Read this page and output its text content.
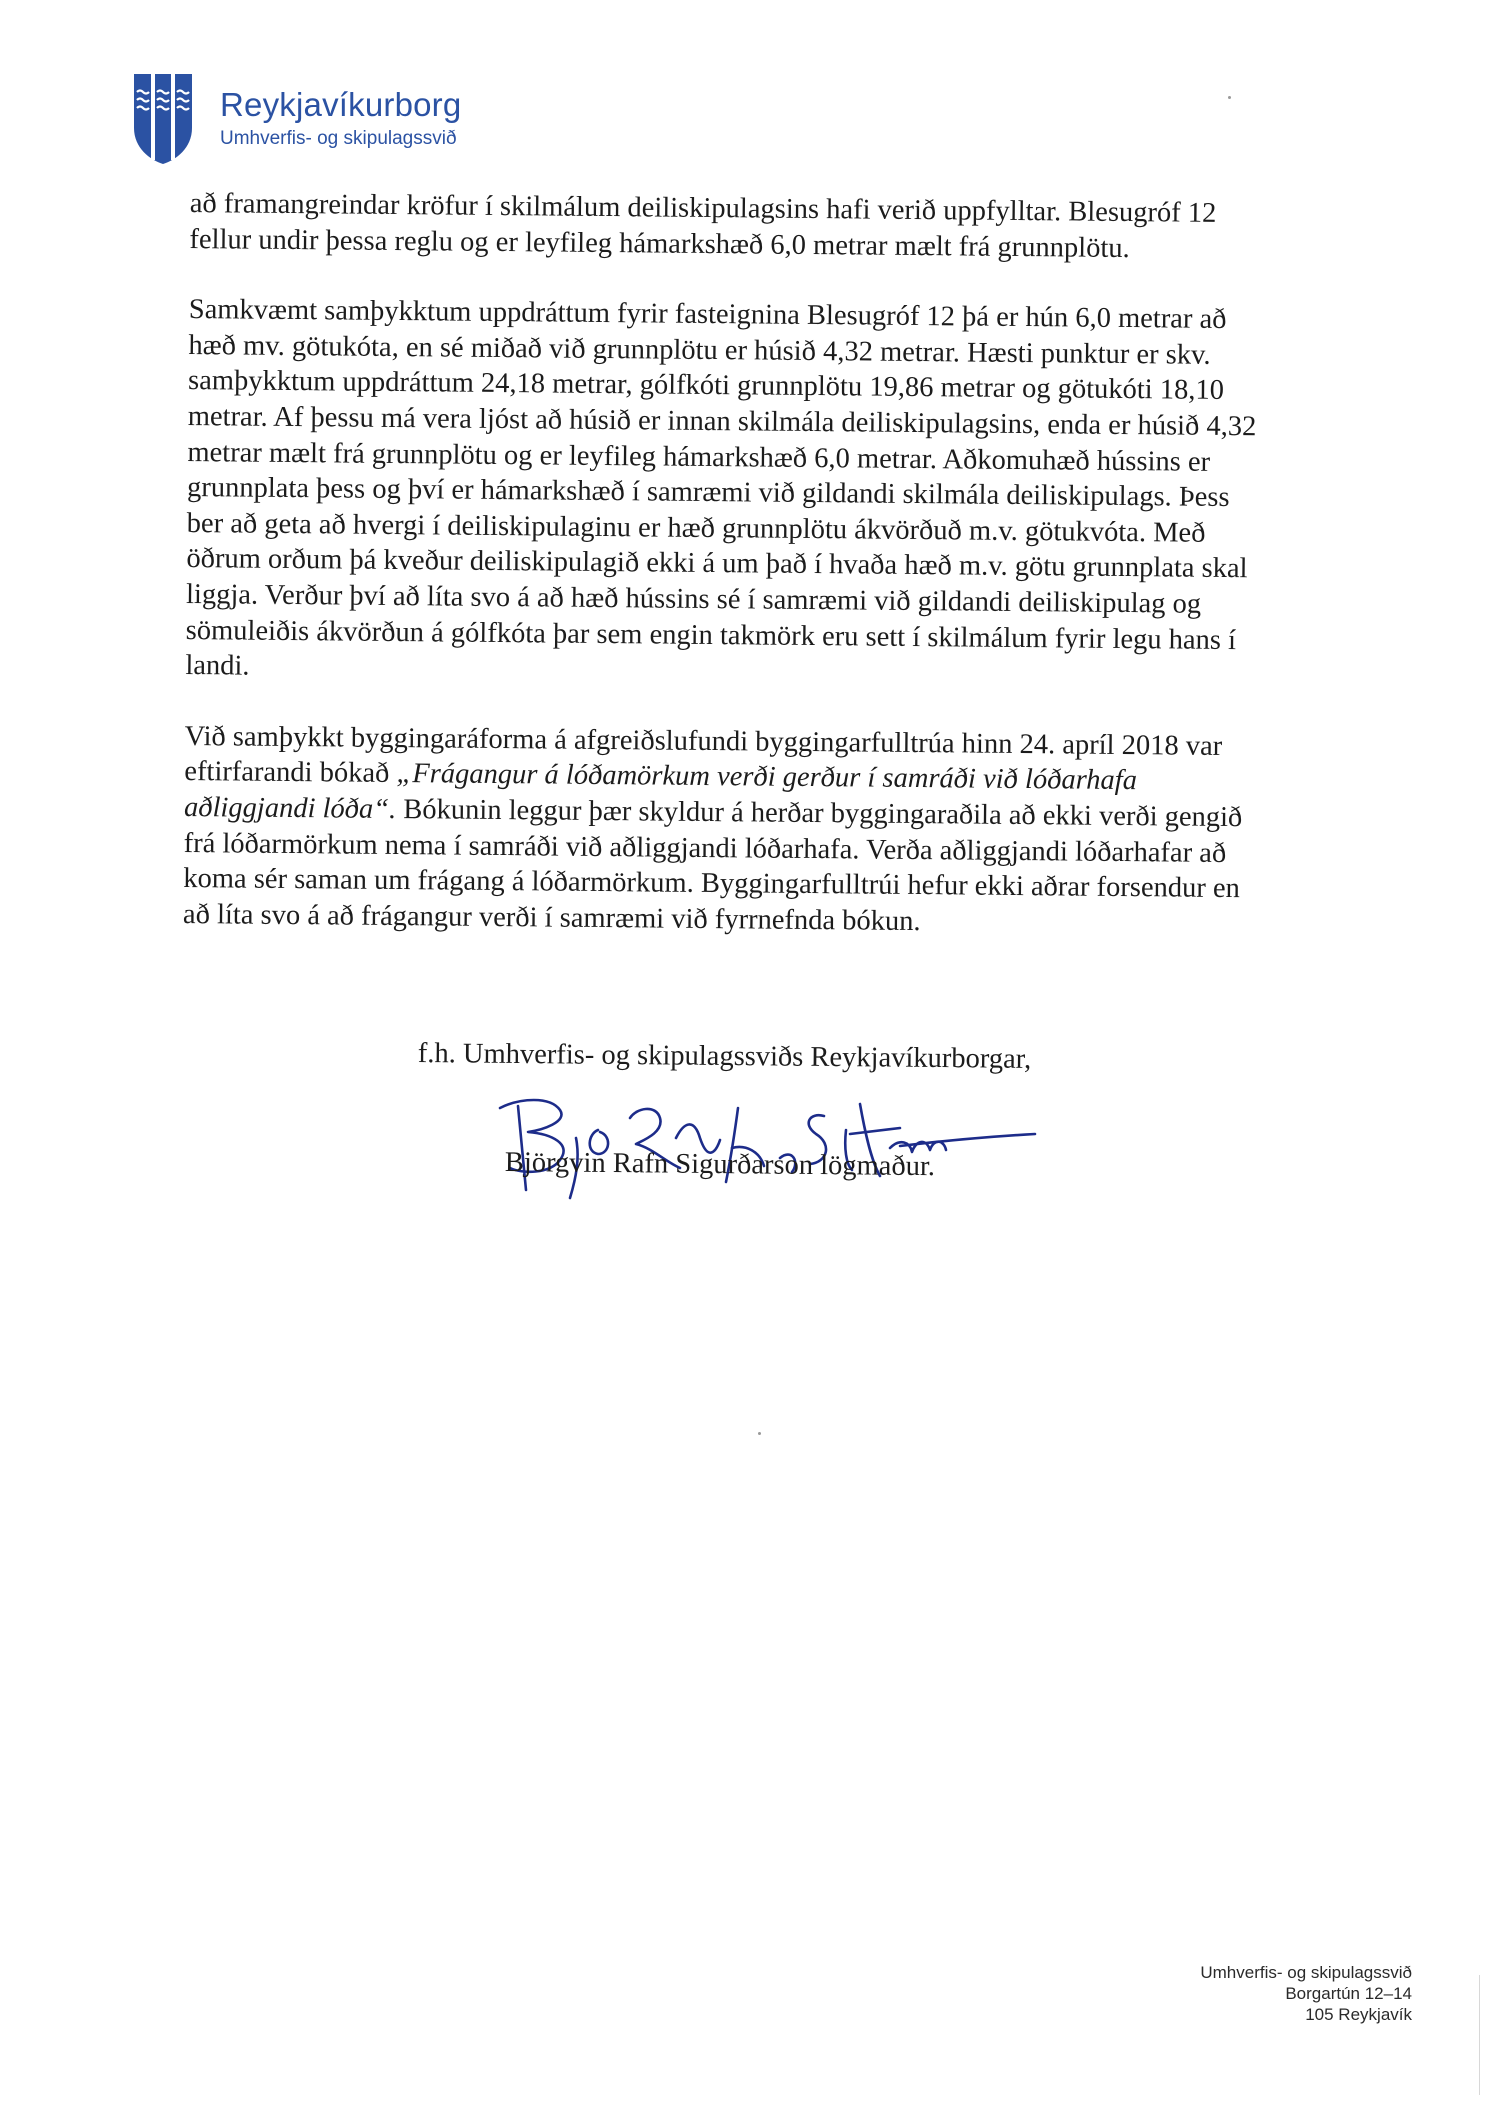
Reykjavíkurborg
Umhverfis- og skipulagssvið
að framangreindar kröfur í skilmálum deiliskipulagsins hafi verið uppfylltar. Blesugróf 12
fellur undir þessa reglu og er leyfileg hámarkshæð 6,0 metrar mælt frá grunnplötu.
Samkvæmt samþykktum uppdráttum fyrir fasteignina Blesugróf 12 þá er hún 6,0 metrar að
hæð mv. götukóta, en sé miðað við grunnplötu er húsið 4,32 metrar. Hæsti punktur er skv.
samþykktum uppdráttum 24,18 metrar, gólfkóti grunnplötu 19,86 metrar og götukóti 18,10
metrar. Af þessu má vera ljóst að húsið er innan skilmála deiliskipulagsins, enda er húsið 4,32
metrar mælt frá grunnplötu og er leyfileg hámarkshæð 6,0 metrar. Aðkomuhæð hússins er
grunnplata þess og því er hámarkshæð í samræmi við gildandi skilmála deiliskipulags. Þess
ber að geta að hvergi í deiliskipulaginu er hæð grunnplötu ákvörðuð m.v. götukvóta. Með
öðrum orðum þá kveður deiliskipulagið ekki á um það í hvaða hæð m.v. götu grunnplata skal
liggja. Verður því að líta svo á að hæð hússins sé í samræmi við gildandi deiliskipulag og
sömuleiðis ákvörðun á gólfkóta þar sem engin takmörk eru sett í skilmálum fyrir legu hans í
landi.
Við samþykkt byggingaráforma á afgreiðslufundi byggingarfulltrúa hinn 24. apríl 2018 var
eftirfarandi bókað „Frágangur á lóðamörkum verði gerður í samráði við lóðarhafa
aðliggjandi lóða“. Bókunin leggur þær skyldur á herðar byggingaraðila að ekki verði gengið
frá lóðarmörkum nema í samráði við aðliggjandi lóðarhafa. Verða aðliggjandi lóðarhafar að
koma sér saman um frágang á lóðarmörkum. Byggingarfulltrúi hefur ekki aðrar forsendur en
að líta svo á að frágangur verði í samræmi við fyrrnefnda bókun.
f.h. Umhverfis- og skipulagssviðs Reykjavíkurborgar,
Björgvin Rafn Sigurðarson lögmaður.
Umhverfis- og skipulagssvið
Borgartún 12–14
105 Reykjavík
